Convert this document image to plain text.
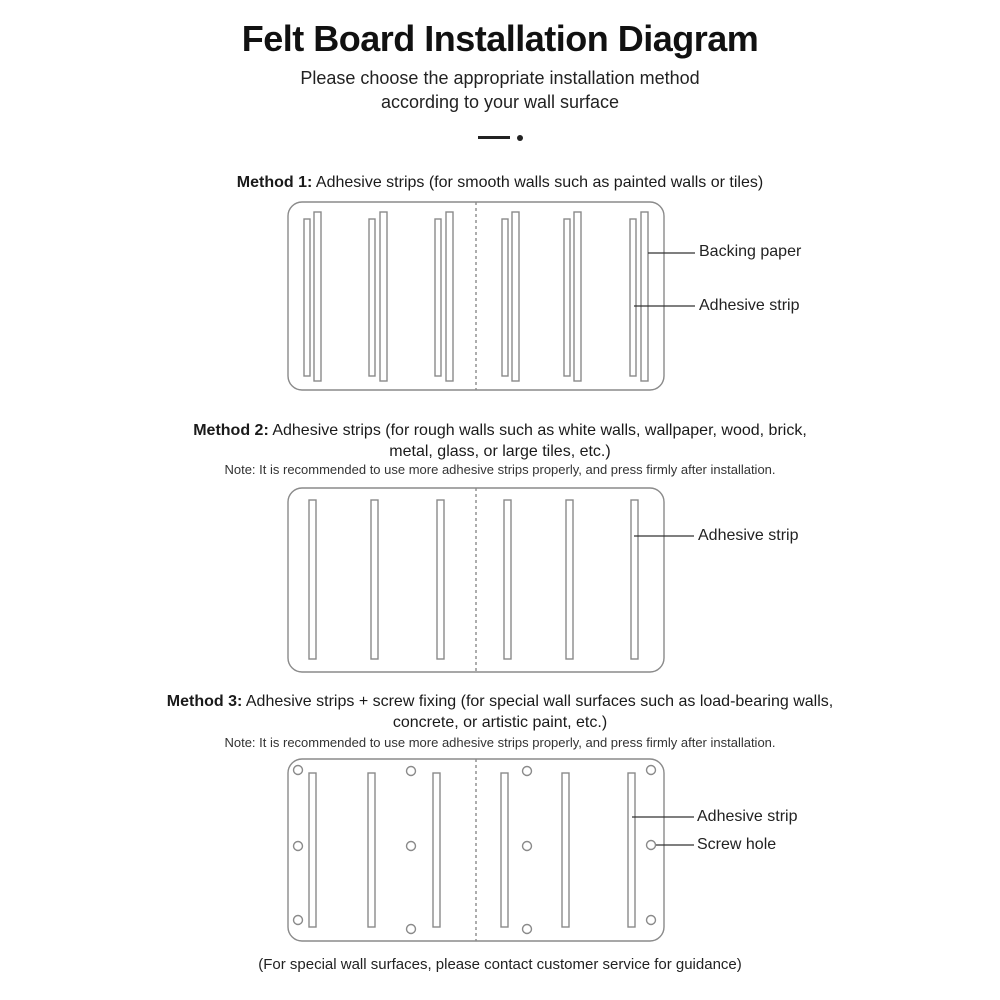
Felt Board Installation Diagram
Please choose the appropriate installation method
according to your wall surface
Method 1: Adhesive strips (for smooth walls such as painted walls or tiles)
Method 2: Adhesive strips (for rough walls such as white walls, wallpaper, wood, brick,
metal, glass, or large tiles, etc.)
Note: It is recommended to use more adhesive strips properly, and press firmly after installation.
Method 3: Adhesive strips + screw fixing (for special wall surfaces such as load-bearing walls,
concrete, or artistic paint, etc.)
Note: It is recommended to use more adhesive strips properly, and press firmly after installation.
Backing paper
Adhesive strip
Adhesive strip
Adhesive strip
Screw hole
(For special wall surfaces, please contact customer service for guidance)
